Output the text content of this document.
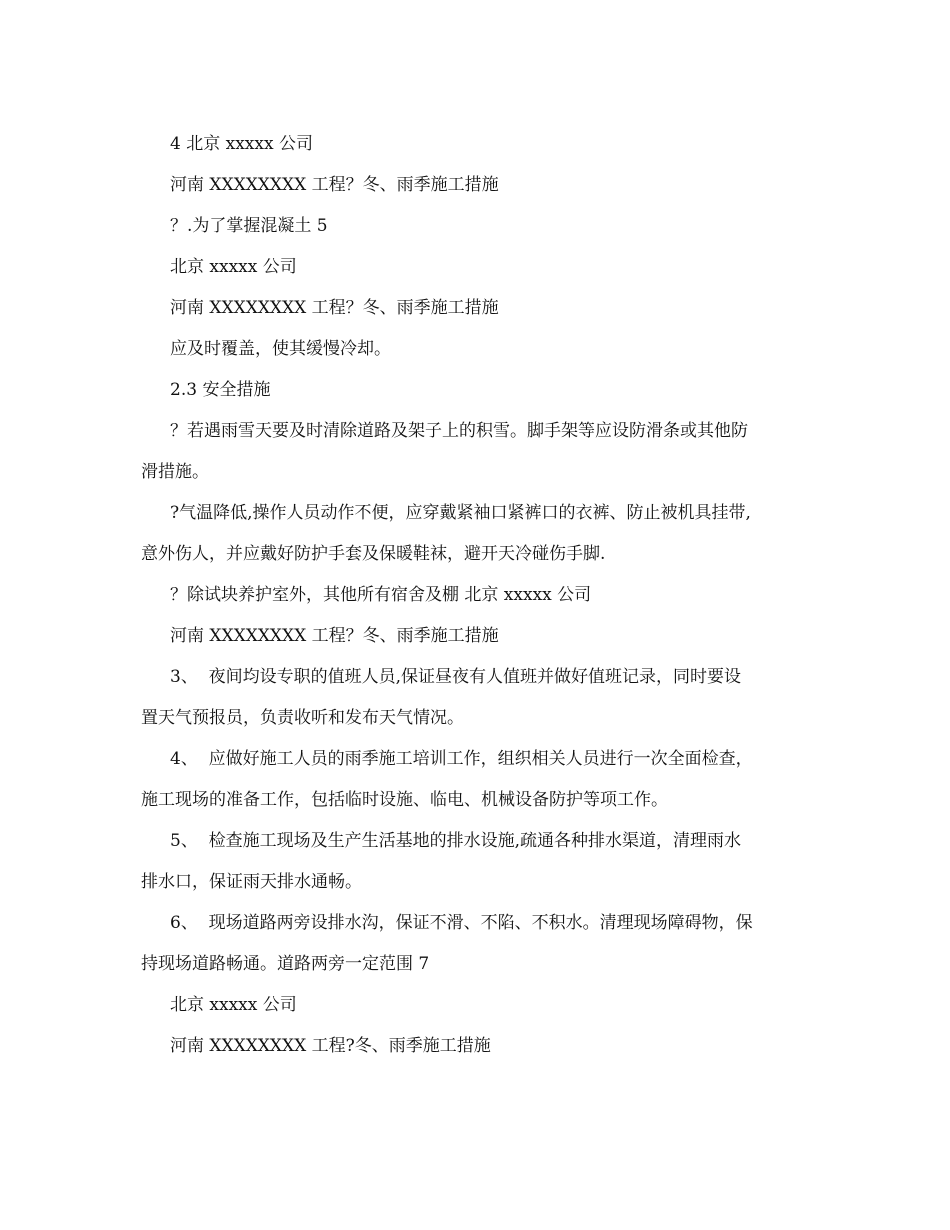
4 北京 xxxxx 公司

河南 XXXXXXXX 工程？冬、雨季施工措施

？.为了掌握混凝土 5

北京 xxxxx 公司

河南 XXXXXXXX 工程？冬、雨季施工措施

应及时覆盖，使其缓慢冷却。

2.3 安全措施

？若遇雨雪天要及时清除道路及架子上的积雪。脚手架等应设防滑条或其他防

滑措施。

?气温降低,操作人员动作不便，应穿戴紧袖口紧裤口的衣裤、防止被机具挂带,

意外伤人，并应戴好防护手套及保暖鞋袜，避开天冷碰伤手脚.

？除试块养护室外，其他所有宿舍及棚 北京 xxxxx 公司

河南 XXXXXXXX 工程？冬、雨季施工措施

3、  夜间均设专职的值班人员,保证昼夜有人值班并做好值班记录，同时要设

置天气预报员，负责收听和发布天气情况。

4、  应做好施工人员的雨季施工培训工作，组织相关人员进行一次全面检查，

施工现场的准备工作，包括临时设施、临电、机械设备防护等项工作。

5、  检查施工现场及生产生活基地的排水设施,疏通各种排水渠道，清理雨水

排水口，保证雨天排水通畅。

6、  现场道路两旁设排水沟，保证不滑、不陷、不积水。清理现场障碍物，保

持现场道路畅通。道路两旁一定范围 7

北京 xxxxx 公司

河南 XXXXXXXX 工程?冬、雨季施工措施
